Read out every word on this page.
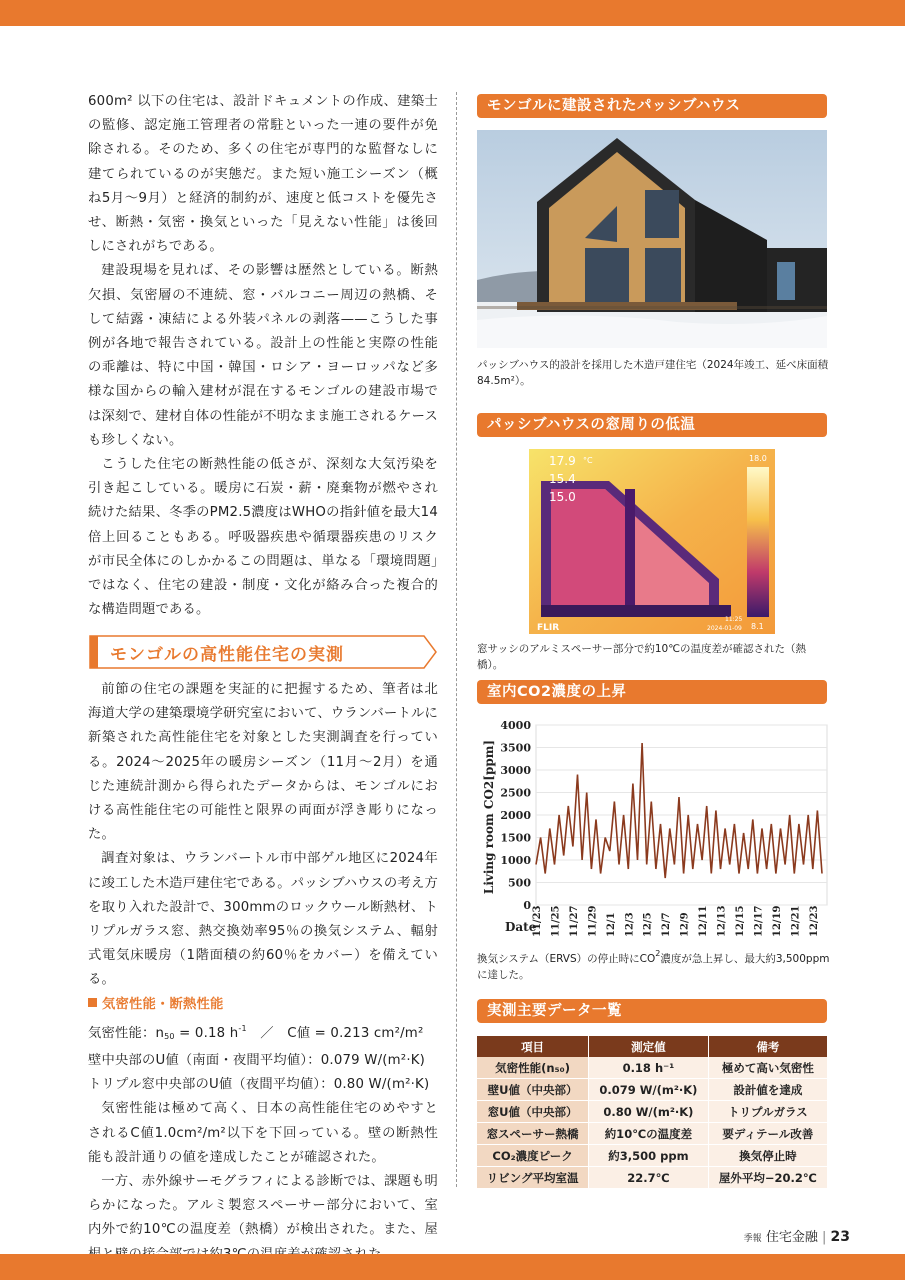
600m² 以下の住宅は、設計ドキュメントの作成、建築士の監修、認定施工管理者の常駐といった一連の要件が免除される。そのため、多くの住宅が専門的な監督なしに建てられているのが実態だ。また短い施工シーズン（概ね5月〜9月）と経済的制約が、速度と低コストを優先させ、断熱・気密・換気といった「見えない性能」は後回しにされがちである。

建設現場を見れば、その影響は歴然としている。断熱欠損、気密層の不連続、窓・バルコニー周辺の熱橋、そして結露・凍結による外装パネルの剥落——こうした事例が各地で報告されている。設計上の性能と実際の性能の乖離は、特に中国・韓国・ロシア・ヨーロッパなど多様な国からの輸入建材が混在するモンゴルの建設市場では深刻で、建材自体の性能が不明なまま施工されるケースも珍しくない。

こうした住宅の断熱性能の低さが、深刻な大気汚染を引き起こしている。暖房に石炭・薪・廃棄物が燃やされ続けた結果、冬季のPM2.5濃度はWHOの指針値を最大14倍上回ることもある。呼吸器疾患や循環器疾患のリスクが市民全体にのしかかるこの問題は、単なる「環境問題」ではなく、住宅の建設・制度・文化が絡み合った複合的な構造問題である。

モンゴルの高性能住宅の実測

前節の住宅の課題を実証的に把握するため、筆者は北海道大学の建築環境学研究室において、ウランバートルに新築された高性能住宅を対象とした実測調査を行っている。2024〜2025年の暖房シーズン（11月〜2月）を通じた連続計測から得られたデータからは、モンゴルにおける高性能住宅の可能性と限界の両面が浮き彫りになった。

調査対象は、ウランバートル市中部ゲル地区に2024年に竣工した木造戸建住宅である。パッシブハウスの考え方を取り入れた設計で、300mmのロックウール断熱材、トリプルガラス窓、熱交換効率95％の換気システム、輻射式電気床暖房（1階面積の約60％をカバー）を備えている。

気密性能・断熱性能

気密性能：$n_{50} = 0.18$ $h^{-1}$　／　C値 = 0.213 cm²/m²

壁中央部のU値（南面・夜間平均値）：0.079 W/(m²·K)

トリプル窓中央部のU値（夜間平均値）：0.80 W/(m²·K)

気密性能は極めて高く、日本の高性能住宅のめやすとされるC値1.0cm²/m²以下を下回っている。壁の断熱性能も設計通りの値を達成したことが確認された。

一方、赤外線サーモグラフィによる診断では、課題も明らかになった。アルミ製窓スペーサー部分において、室内外で約10℃の温度差（熱橋）が検出された。また、屋

モンゴルに建設されたパッシブハウス
パッシブハウス的設計を採用した木造戸建住宅（2024年竣工、延べ床面積84.5m²）。
パッシブハウスの窓周りの低温
17.9
15.4
15.0
°C	18.0
8.1
FLIR
11:25
2024-01-09
窓サッシのアルミスペーサー部分で約10℃の温度差が確認された（熱橋）。
室内CO2濃度の上昇
0
500
1000
1500
2000
2500
3000
3500
4000
11/23 11/25 11/27 11/29 12/1 12/3 12/5 12/7 12/9 12/11 12/13 12/15 12/17 12/19 12/21 12/23
Living room CO2[ppm]
Date
換気システム（ERVS）の停止時に$CO^2$濃度が急上昇し、最大約3,500ppmに達した。
実測主要データ一覧
項目	測定値	備考
気密性能(n₅₀)	0.18 h⁻¹	極めて高い気密性
壁U値（中央部）	0.079 W/(m²·K)	設計値を達成
窓U値（中央部）	0.80 W/(m²·K)	トリプルガラス
窓スペーサー熱橋	約10℃の温度差	要ディテール改善
CO₂濃度ピーク	約3,500 ppm	換気停止時
リビング平均室温	22.7℃	屋外平均−20.2℃
季報 住宅金融 | 23
